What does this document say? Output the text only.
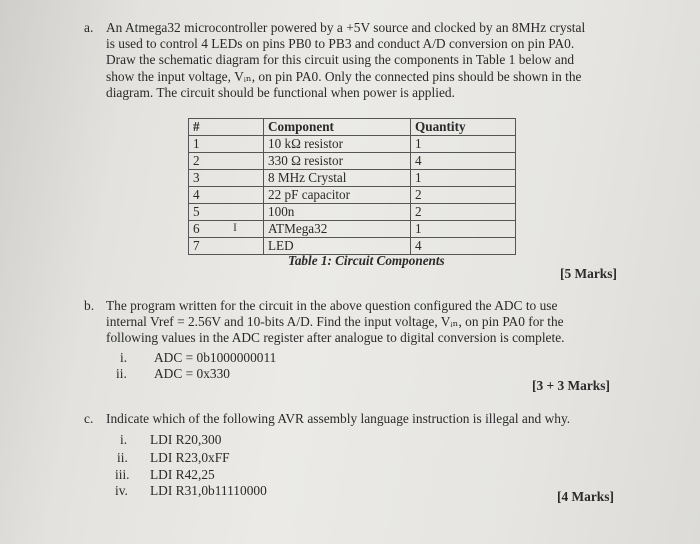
a. An Atmega32 microcontroller powered by a +5V source and clocked by an 8MHz crystal
is used to control 4 LEDs on pins PB0 to PB3 and conduct A/D conversion on pin PA0.
Draw the schematic diagram for this circuit using the components in Table 1 below and
show the input voltage, Vᵢₙ, on pin PA0. Only the connected pins should be shown in the
diagram. The circuit should be functional when power is applied.
#	Component	Quantity
1	10 kΩ resistor	1
2	330 Ω resistor	4
3	8 MHz Crystal	1
4	22 pF capacitor	2
5	100n	2
6	ATMega32	1
7	LED	4
I
Table 1: Circuit Components
[5 Marks]
b. The program written for the circuit in the above question configured the ADC to use
internal Vref = 2.56V and 10-bits A/D. Find the input voltage, Vᵢₙ, on pin PA0 for the
following values in the ADC register after analogue to digital conversion is complete.
i.	ADC = 0b1000000011
ii.	ADC = 0x330
[3 + 3 Marks]
c. Indicate which of the following AVR assembly language instruction is illegal and why.
i.	LDI R20,300
ii.	LDI R23,0xFF
iii.	LDI R42,25
iv.	LDI R31,0b11110000	[4 Marks]
